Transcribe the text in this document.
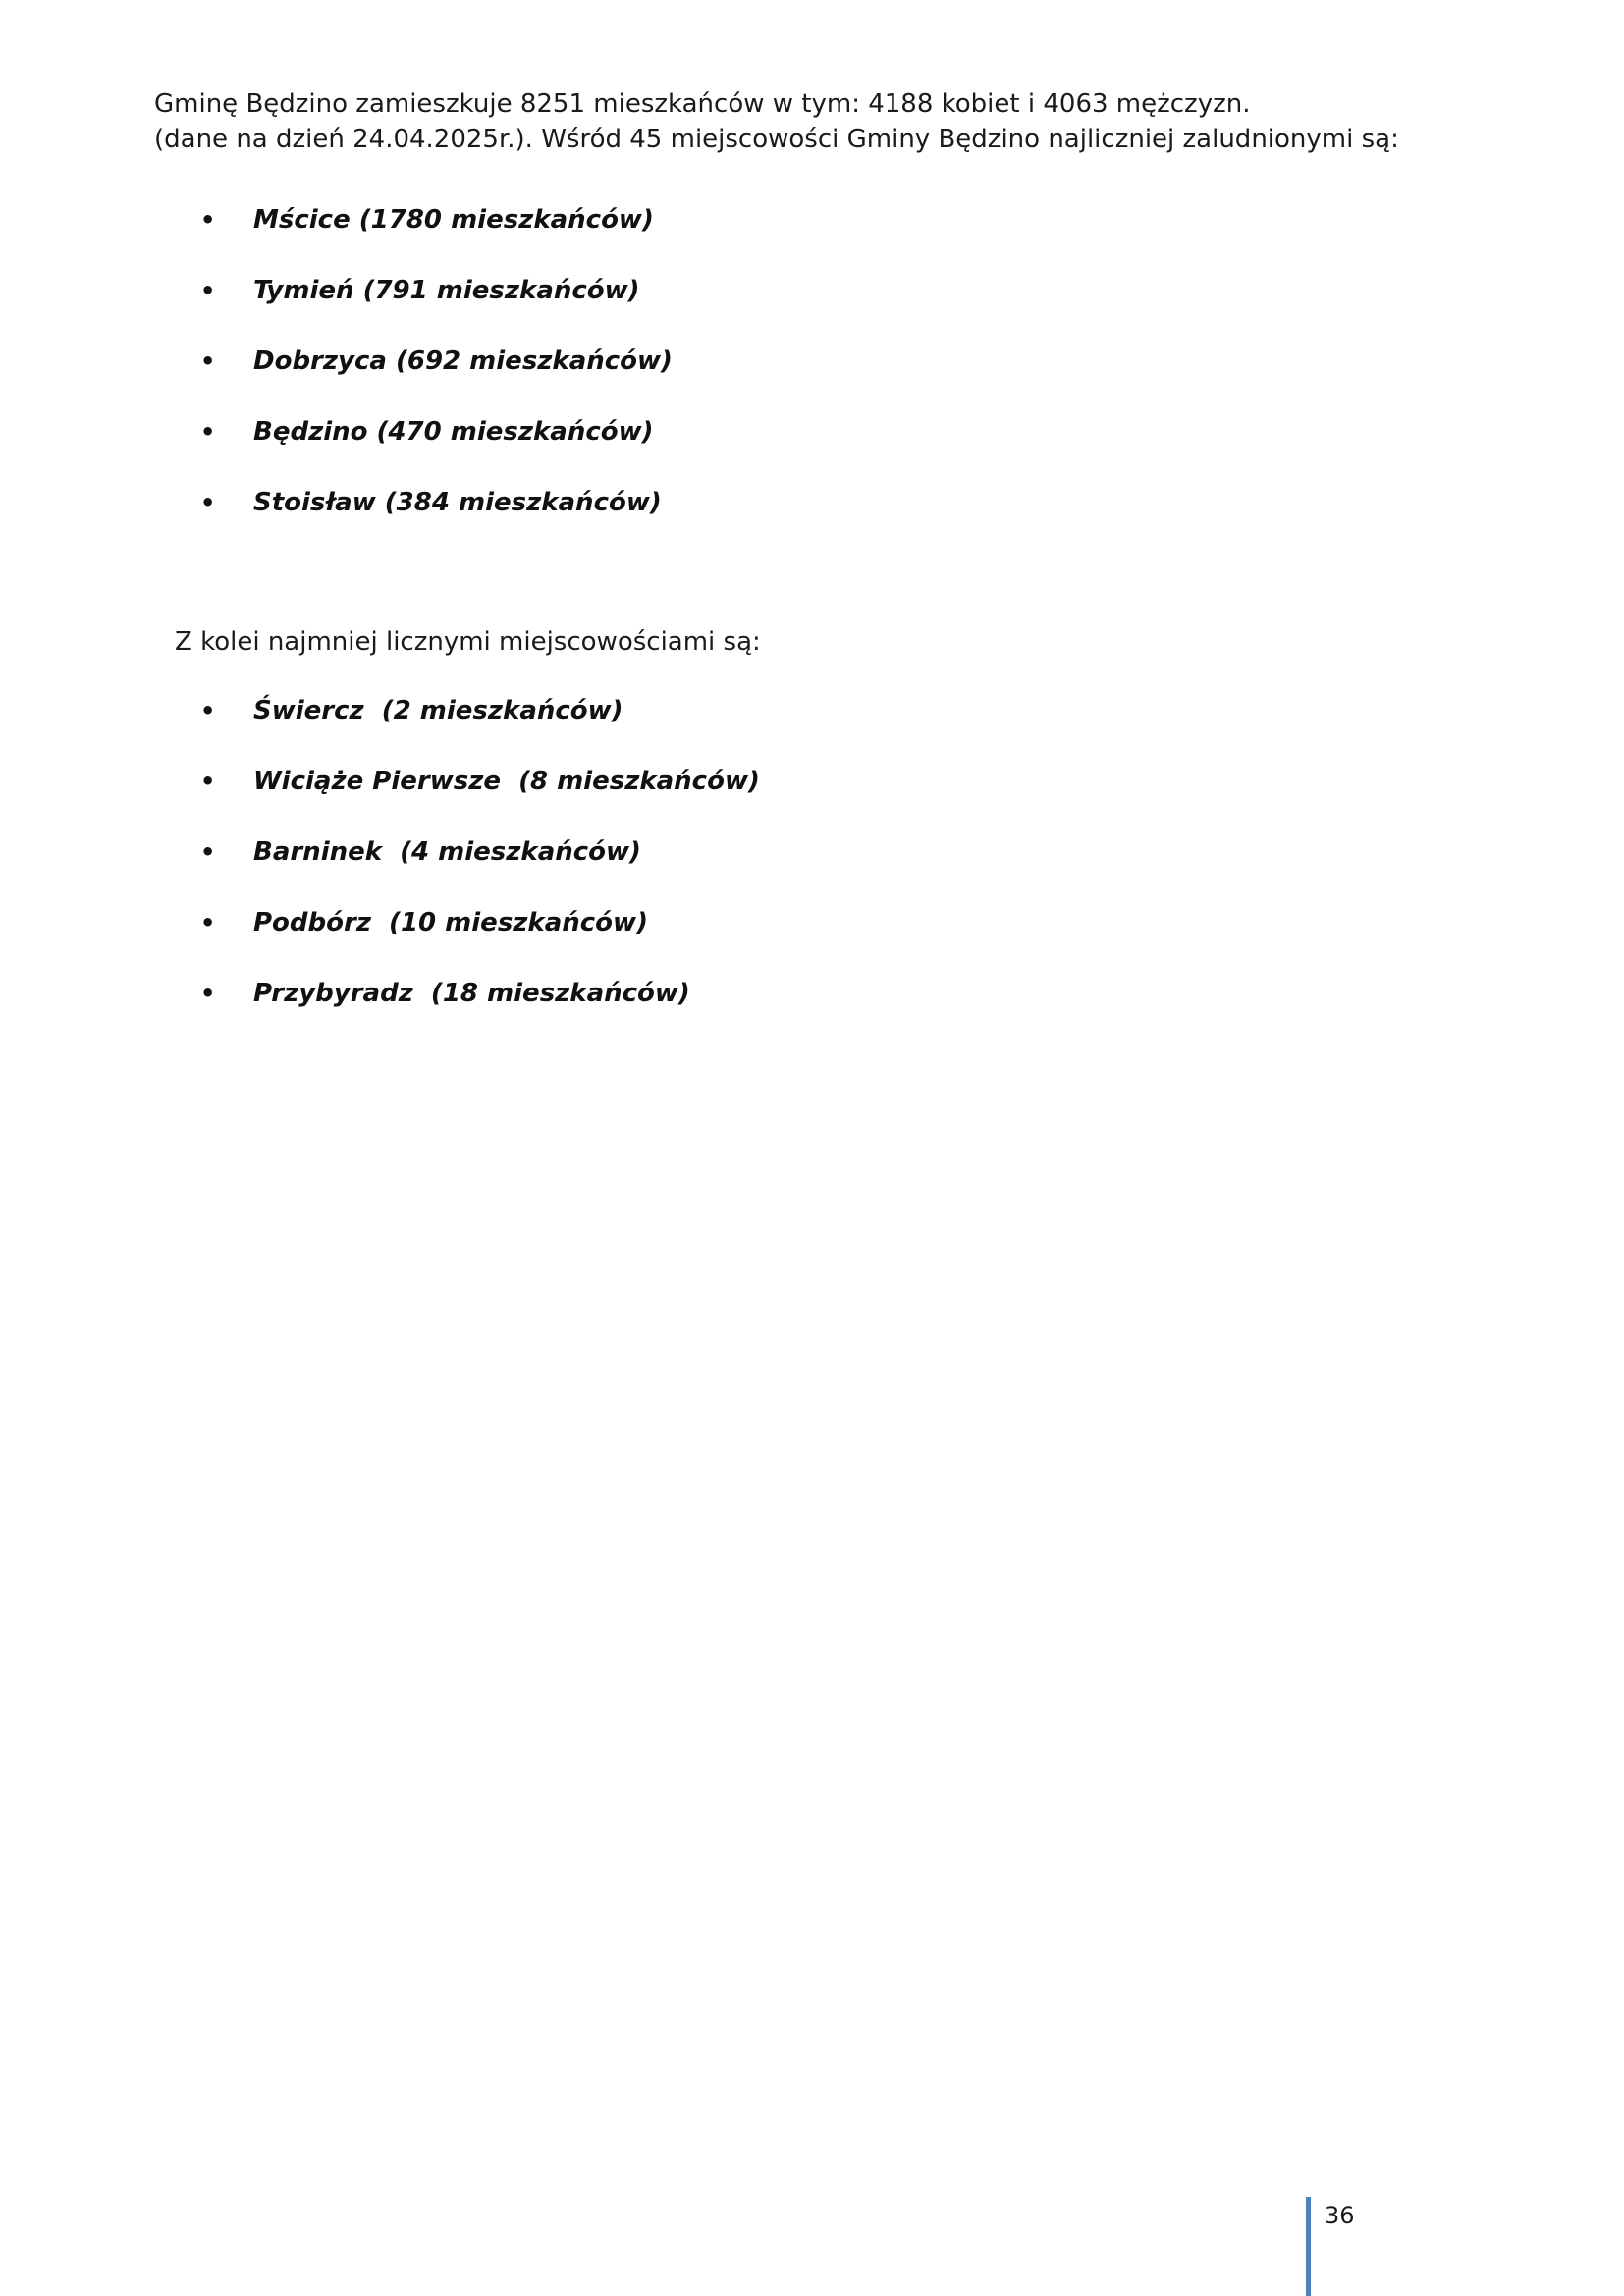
Gminę Będzino zamieszkuje 8251 mieszkańców w tym: 4188 kobiet i 4063 mężczyzn.

(dane na dzień 24.04.2025r.). Wśród 45 miejscowości Gminy Będzino najliczniej zaludnionymi są:

• Mścice (1780 mieszkańców)
• Tymień (791 mieszkańców)
• Dobrzyca (692 mieszkańców)
• Będzino (470 mieszkańców)
• Stoisław (384 mieszkańców)

Z kolei najmniej licznymi miejscowościami są:

• Świercz  (2 mieszkańców)
• Wiciąże Pierwsze  (8 mieszkańców)
• Barninek  (4 mieszkańców)
• Podbórz  (10 mieszkańców)
• Przybyradz  (18 mieszkańców)
36
